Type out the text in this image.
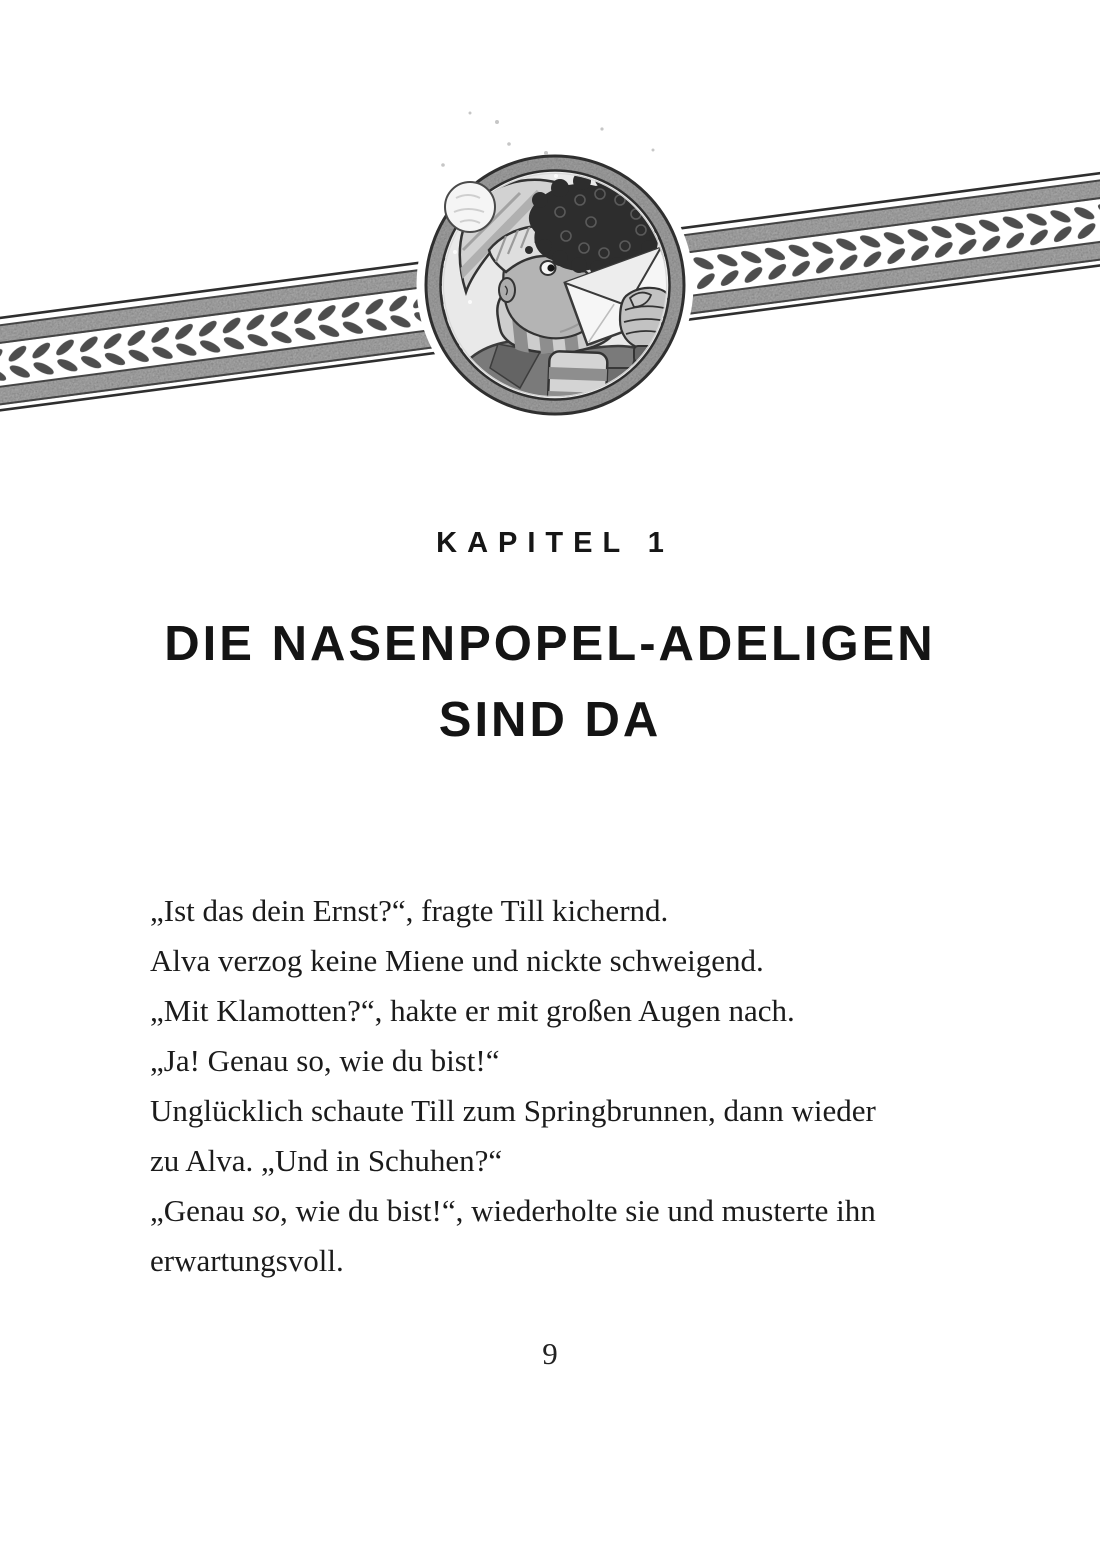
KAPITEL 1
DIE NASENPOPEL-ADELIGEN
SIND DA

„Ist das dein Ernst?“, fragte Till kichernd.

Alva verzog keine Miene und nickte schweigend.

„Mit Klamotten?“, hakte er mit großen Augen nach.

„Ja! Genau so, wie du bist!“

Unglücklich schaute Till zum Springbrunnen, dann wieder

zu Alva. „Und in Schuhen?“

„Genau so, wie du bist!“, wiederholte sie und musterte ihn

erwartungsvoll.

9
